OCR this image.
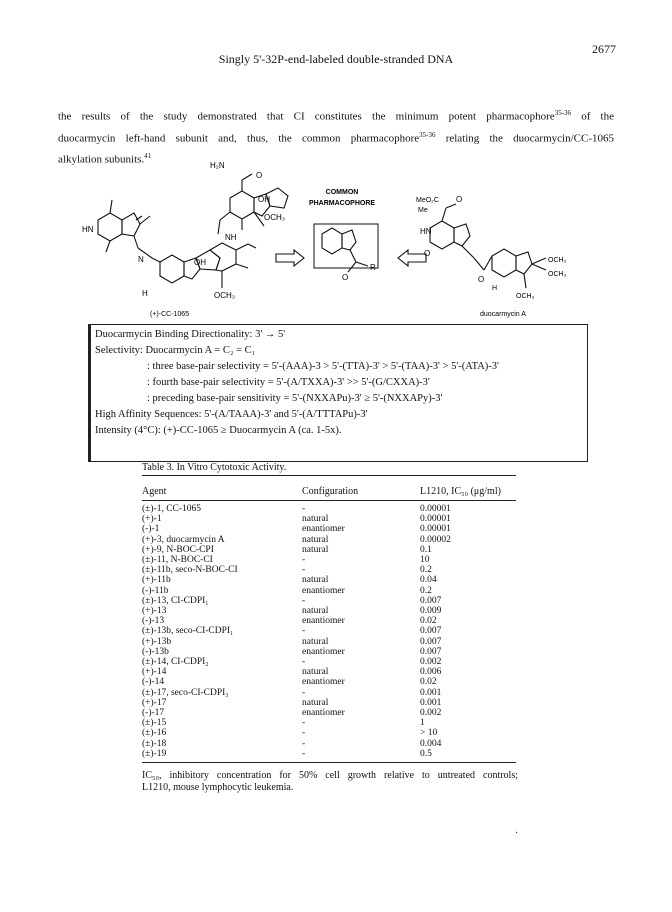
Singly 5'-32P-end-labeled double-stranded DNA
2677
the results of the study demonstrated that CI constitutes the minimum potent pharmacophore$^{35-36}$ of the
duocarmycin left-hand subunit and, thus, the common pharmacophore$^{35-36}$ relating the duocarmycin/CC-1065
alkylation subunits.$^{41}$
H₂N
O
OH
OCH₃
NH
HN
N	OH
OCH₃
H
(+)-CC-1065
COMMON
PHARMACOPHORE
R
O
MeO₂C
Me
HN
O
O
O
OCH₃
OCH₃
OCH₃
H
duocarmycin A
Duocarmycin Binding Directionality: 3' → 5'
Selectivity: Duocarmycin A = C₂ = C₁
: three base-pair selectivity = 5'-(AAA)-3 > 5'-(TTA)-3' > 5'-(TAA)-3' > 5'-(ATA)-3'
: fourth base-pair selectivity = 5'-(A/TXXA)-3' >> 5'-(G/CXXA)-3'
: preceding base-pair sensitivity = 5'-(NXXAPu)-3' ≥ 5'-(NXXAPy)-3'
High Affinity Sequences: 5'-(A/TAAA)-3' and 5'-(A/TTTAPu)-3'
Intensity (4°C): (+)-CC-1065 ≥ Duocarmycin A (ca. 1-5x).
Table 3. In Vitro Cytotoxic Activity.
Agent	Configuration	L1210, IC₅₀ (μg/ml)
(±)-1, CC-1065	-	0.00001
(+)-1	natural	0.00001
(-)-1	enantiomer	0.00001
(+)-3, duocarmycin A	natural	0.00002
(+)-9, N-BOC-CPI	natural	0.1
(±)-11, N-BOC-CI	-	10
(±)-11b, seco-N-BOC-CI	-	0.2
(+)-11b	natural	0.04
(-)-11b	enantiomer	0.2
(±)-13, CI-CDPI₁	-	0.007
(+)-13	natural	0.009
(-)-13	enantiomer	0.02
(±)-13b, seco-CI-CDPI₁	-	0.007
(+)-13b	natural	0.007
(-)-13b	enantiomer	0.007
(±)-14, CI-CDPI₂	-	0.002
(+)-14	natural	0.006
(-)-14	enantiomer	0.02
(±)-17, seco-CI-CDPI₃	-	0.001
(+)-17	natural	0.001
(-)-17	enantiomer	0.002
(±)-15	-	1
(±)-16	-	> 10
(±)-18	-	0.004
(±)-19	-	0.5
IC₅₀, inhibitory concentration for 50% cell growth relative to untreated controls;
L1210, mouse lymphocytic leukemia.
·
